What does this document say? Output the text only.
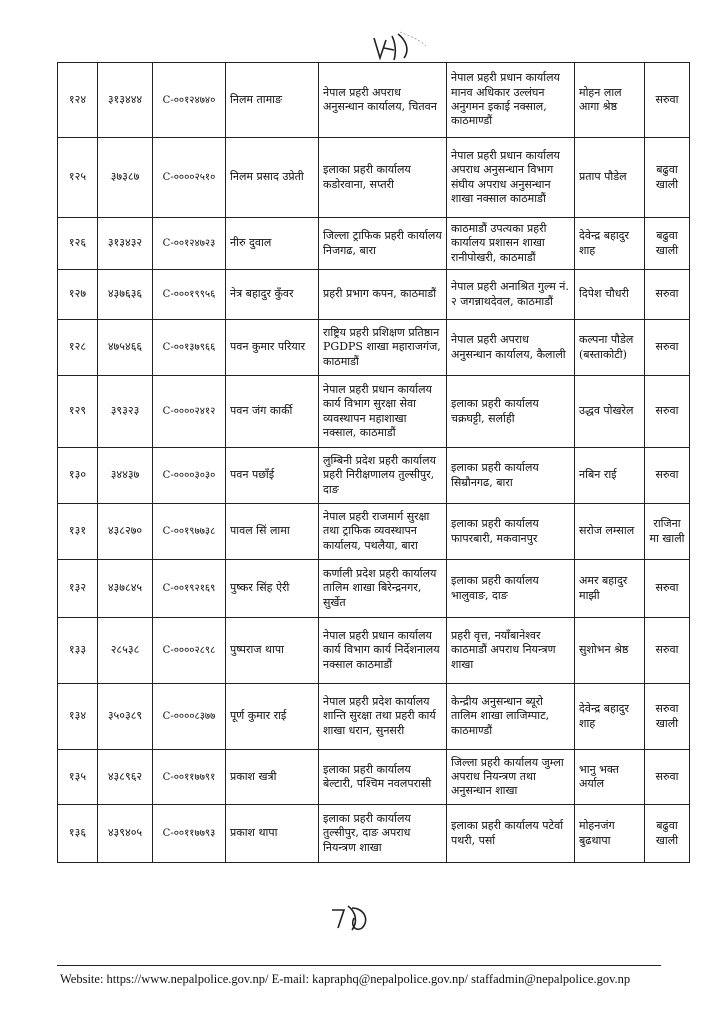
१२४	३१३४४४	C-००१२४७४०	निलम तामाङ	नेपाल प्रहरी अपराध अनुसन्धान कार्यालय, चितवन	नेपाल प्रहरी प्रधान कार्यालय मानव अधिकार उल्लंघन अनुगमन इकाई नक्साल, काठमाण्डौं	मोहन लाल आगा श्रेष्ठ	सरुवा
१२५	३७३८७	C-००००२५१०	निलम प्रसाद उप्रेती	इलाका प्रहरी कार्यालय कडोरवाना, सप्तरी	नेपाल प्रहरी प्रधान कार्यालय अपराध अनुसन्धान विभाग संघीय अपराध अनुसन्धान शाखा नक्साल काठमाडौं	प्रताप पौडेल	बढुवा खाली
१२६	३१३४३२	C-००१२४७२३	नीरु दुवाल	जिल्ला ट्राफिक प्रहरी कार्यालय निजगढ, बारा	काठमाडौं उपत्यका प्रहरी कार्यालय प्रशासन शाखा रानीपोखरी, काठमाडौं	देवेन्द्र बहादुर शाह	बढुवा खाली
१२७	४३७६३६	C-०००१९९५६	नेत्र बहादुर कुँवर	प्रहरी प्रभाग कपन, काठमाडौं	नेपाल प्रहरी अनाश्रित गुल्म नं. २ जगन्नाथदेवल, काठमाडौं	दिपेश चौधरी	सरुवा
१२८	४७५४६६	C-००१३७९६६	पवन कुमार परियार	राष्ट्रिय प्रहरी प्रशिक्षण प्रतिष्ठान PGDPS शाखा महाराजगंज, काठमाडौं	नेपाल प्रहरी अपराध अनुसन्धान कार्यालय, कैलाली	कल्पना पौडेल (बस्ताकोटी)	सरुवा
१२९	३९३२३	C-००००२४१२	पवन जंग कार्की	नेपाल प्रहरी प्रधान कार्यालय कार्य विभाग सुरक्षा सेवा व्यवस्थापन महाशाखा नक्साल, काठमाडौं	इलाका प्रहरी कार्यालय चक्रघट्टी, सर्लाही	उद्धव पोखरेल	सरुवा
१३०	३४४३७	C-००००३०३०	पवन पछाँई	लुम्बिनी प्रदेश प्रहरी कार्यालय प्रहरी निरीक्षणालय तुल्सीपुर, दाङ	इलाका प्रहरी कार्यालय सिम्रौनगढ, बारा	नबिन राई	सरुवा
१३१	४३८२७०	C-००१९७७३८	पावल सिं लामा	नेपाल प्रहरी राजमार्ग सुरक्षा तथा ट्राफिक व्यवस्थापन कार्यालय, पथलैया, बारा	इलाका प्रहरी कार्यालय फापरबारी, मकवानपुर	सरोज लम्साल	राजिनामा खाली
१३२	४३७८४५	C-००१९२१६९	पुष्कर सिंह ऐरी	कर्णाली प्रदेश प्रहरी कार्यालय तालिम शाखा बिरेन्द्रनगर, सुर्खेत	इलाका प्रहरी कार्यालय भालुवाङ, दाङ	अमर बहादुर माझी	सरुवा
१३३	२८५३८	C-००००२८९८	पुष्पराज थापा	नेपाल प्रहरी प्रधान कार्यालय कार्य विभाग कार्य निर्देशनालय नक्साल काठमाडौं	प्रहरी वृत्त, नयाँबानेश्वर काठमाडौं अपराध नियन्त्रण शाखा	सुशोभन श्रेष्ठ	सरुवा
१३४	३५०३८९	C-००००८३७७	पूर्ण कुमार राई	नेपाल प्रहरी प्रदेश कार्यालय शान्ति सुरक्षा तथा प्रहरी कार्य शाखा धरान, सुनसरी	केन्द्रीय अनुसन्धान ब्यूरो तालिम शाखा लाजिम्पाट, काठमाण्डौं	देवेन्द्र बहादुर शाह	सरुवा खाली
१३५	४३८९६२	C-००११७७९१	प्रकाश खत्री	इलाका प्रहरी कार्यालय बेल्टारी, पश्चिम नवलपरासी	जिल्ला प्रहरी कार्यालय जुम्ला अपराध नियन्त्रण तथा अनुसन्धान शाखा	भानु भक्त अर्याल	सरुवा
१३६	४३९४०५	C-००११७७९३	प्रकाश थापा	इलाका प्रहरी कार्यालय तुल्सीपुर, दाङ अपराध नियन्त्रण शाखा	इलाका प्रहरी कार्यालय पटेर्वा पथरी, पर्सा	मोहनजंग बुढथापा	बढुवा खाली
Website: https://www.nepalpolice.gov.np/ E-mail: kapraphq@nepalpolice.gov.np/ staffadmin@nepalpolice.gov.np
